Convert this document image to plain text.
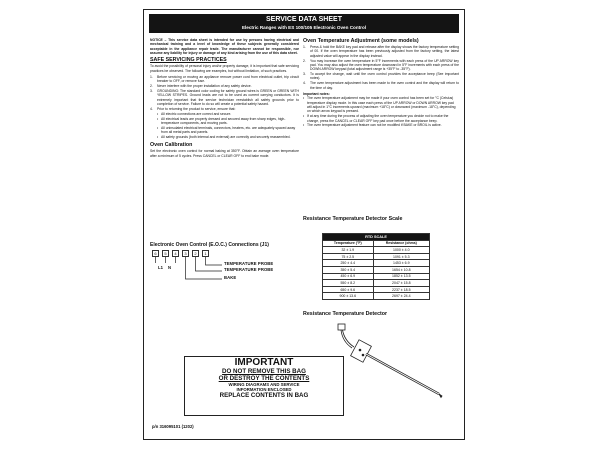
SERVICE DATA SHEET
Electric Ranges with ES 100/105 Electronic Oven Control
NOTICE – This service data sheet is intended for use by persons having electrical and mechanical training and a level of knowledge of these subjects generally considered acceptable in the appliance repair trade. The manufacturer cannot be responsible, nor assume any liability for injury or damage of any kind arising from the use of this data sheet.
SAFE SERVICING PRACTICES
To avoid the possibility of personal injury and/or property damage, it is important that safe servicing practices be observed. The following are examples, but without limitation, of such practices.
1.	Before servicing or moving an appliance remove power cord from electrical outlet, trip circuit breaker to OFF, or remove fuse.
2.	Never interfere with the proper installation of any safety device.
3.	GROUNDING: The standard color coding for safety ground wires is GREEN or GREEN WITH YELLOW STRIPES. Ground leads are not to be used as current carrying conductors. It is extremely important that the service technician reestablish all safety grounds prior to completion of service. Failure to do so will create a potential safety hazard.
4.	Prior to returning the product to service, ensure that:
• All electric connections are correct and secure.
• All electrical leads are properly dressed and secured away from sharp edges, high-temperature components, and moving parts.
• All uninsulated electrical terminals, connectors, heaters, etc. are adequately spaced away from all metal parts and panels.
• All safety grounds (both internal and external) are correctly and securely reassembled.
Oven Calibration
Set the electronic oven control for normal baking at 350°F. Obtain an average oven temperature after a minimum of 5 cycles. Press CANCEL or CLEAR OFF to end bake mode.
Electronic Oven Control (E.O.C.) Connections (J1)
6	5	4	3	2	1
TEMPERATURE PROBE
TEMPERATURE PROBE
BAKE
L1 N
IMPORTANT
DO NOT REMOVE THIS BAG
OR DESTROY THE CONTENTS
WIRING DIAGRAMS AND SERVICE
INFORMATION ENCLOSED
REPLACE CONTENTS IN BAG
p/n 316095101 (1202)
Oven Temperature Adjustment (some models)
1.	Press & hold the BAKE key pad and release after the display shows the factory temperature setting of 00. If the oven temperature has been previously adjusted from the factory setting, the latest adjusted value will appear in the display instead.
2.	You may increase the oven temperature in 5°F increments with each press of the UP ARROW key pad. You may also adjust the oven temperature downward in 5°F increments with each press of the DOWN ARROW keypad (total adjustment range is +35°F to -35°F).
3.	To accept the change, wait until the oven control provides the acceptance beep (See important notes).
4.	The oven temperature adjustment has been made to the oven control and the display will return to the time of day.
Important notes:
• The oven temperature adjustment may be made if your oven control has been set for °C (Celsius) temperature display mode. In this case each press of the UP ARROW or DOWN ARROW key pad will adjust in 1°C increments upward (maximum +18°C) or downward (maximum -18°C), depending on which arrow keypad is pressed.
• If at any time during the process of adjusting the oven temperature you decide not to make the change, press the CANCEL or CLEAR OFF key pad once before the acceptance beep.
• The oven temperature adjustment feature can not be modified if BAKE or BROIL is active.
Resistance Temperature Detector Scale
RTD SCALE	
Temperature (°F)	Resistance (ohms)
32 ± 1.9	1000 ± 4.0
75 ± 2.5	1091 ± 5.3
250 ± 4.4	1453 ± 6.9
350 ± 5.4	1654 ± 10.8
450 ± 6.9	1852 ± 13.5
550 ± 8.2	2047 ± 15.8
650 ± 9.6	2237 ± 18.5
900 ± 13.6	2697 ± 24.4
Resistance Temperature Detector
